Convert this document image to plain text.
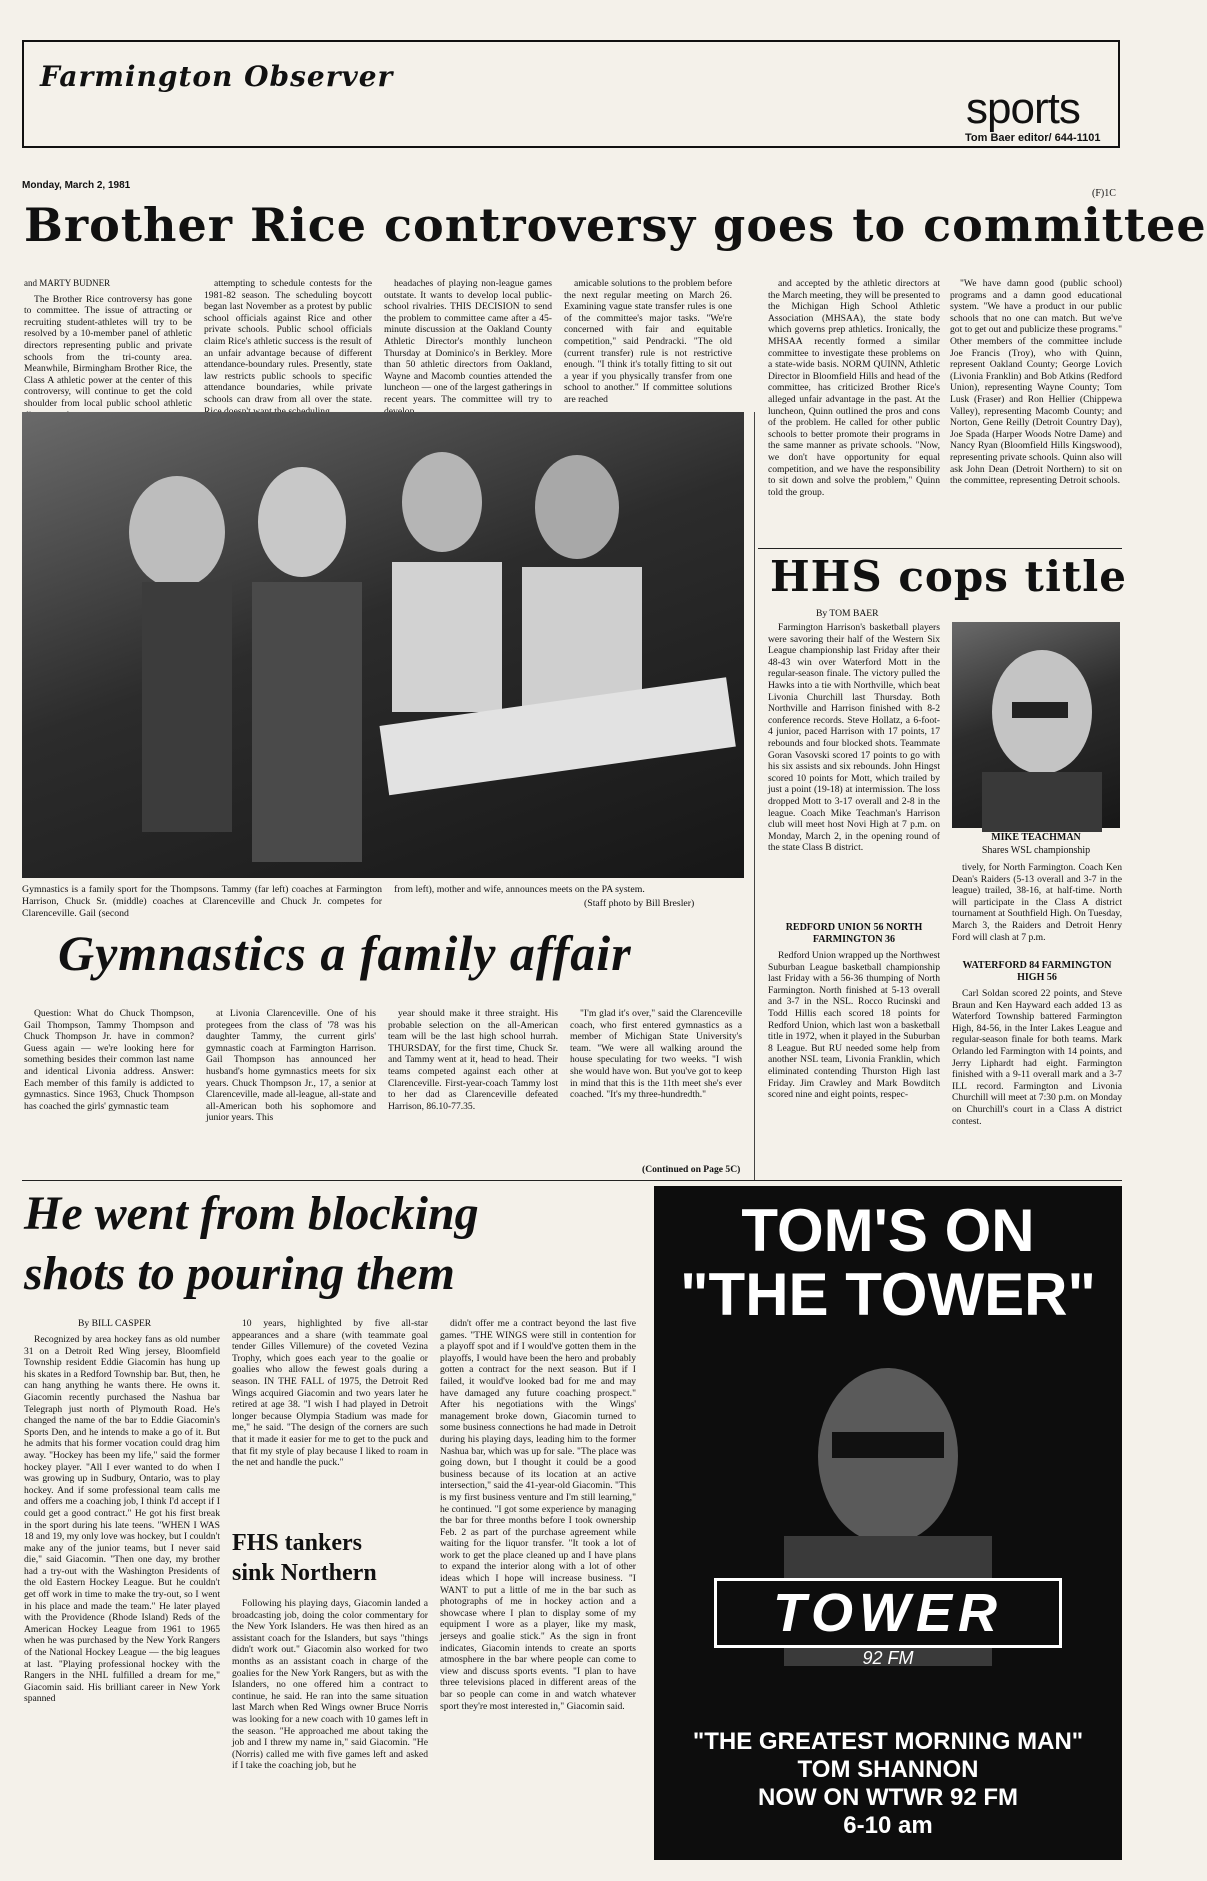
Farmington Observer
sports
Tom Baer editor/ 644-1101
Monday, March 2, 1981
(F)1C
Brother Rice controversy goes to committee

and MARTY BUDNER

The Brother Rice controversy has gone to committee. The issue of attracting or recruiting student-athletes will try to be resolved by a 10-member panel of athletic directors representing public and private schools from the tri-county area. Meanwhile, Birmingham Brother Rice, the Class A athletic power at the center of this controversy, will continue to get the cold shoulder from local public school athletic

attempting to schedule contests for the 1981-82 season. The scheduling boycott began last November as a protest by public school officials against Rice and other private schools. Public school officials claim Rice's athletic success is the result of an unfair advantage because of different attendance-boundary rules. Presently, state law restricts public schools to specific attendance boundaries, while private schools can draw from all over the state.

headaches of playing non-league games outstate. It wants to develop local public-school rivalries. THIS DECISION to send the problem to committee came after a 45-minute discussion at the Oakland County Athletic Director's monthly luncheon Thursday at Dominico's in Berkley. More than 50 athletic directors from Oakland, Wayne and Macomb counties attended the luncheon — one of the largest gatherings in recent years. The committee will try to

amicable solutions to the problem before the next regular meeting on March 26. Examining vague state transfer rules is one of the committee's major tasks. "We're concerned with fair and equitable competition," said Pendracki. "The old (current transfer) rule is not restrictive enough. "I think it's totally fitting to sit out a year if you physically transfer from one school to another." If committee solutions are reached

and accepted by the athletic directors at the March meeting, they will be presented to the Michigan High School Athletic Association (MHSAA), the state body which governs prep athletics. Ironically, the MHSAA recently formed a similar committee to investigate these problems on a state-wide basis. NORM QUINN, Athletic Director in Bloomfield Hills and head of the committee, has criticized Brother Rice's alleged unfair advantage in the past. At the luncheon, Quinn outlined the pros and cons of the problem. He called for other public schools to better promote their programs in the same manner as private schools. "Now, we don't have opportunity for equal competition, and we have the responsibility to sit down and solve the problem," Quinn told the group.

"We have damn good (public school) programs and a damn good educational system. "We have a product in our public schools that no one can match. But we've got to get out and publicize these programs." Other members of the committee include Joe Francis (Troy), who with Quinn, represent Oakland County; George Lovich (Livonia Franklin) and Bob Atkins (Redford Union), representing Wayne County; Tom Lusk (Fraser) and Ron Hellier (Chippewa Valley), representing Macomb County; and Norton, Gene Reilly (Detroit Country Day), Joe Spada (Harper Woods Notre Dame) and Nancy Ryan (Bloomfield Hills Kingswood), representing private schools. Quinn also will ask John Dean (Detroit Northern) to sit on the committee, representing Detroit schools.

Gymnastics is a family sport for the Thompsons. Tammy (far left) coaches at Farmington Harrison, Chuck Sr. (middle) coaches at Clarenceville and Chuck Jr. competes for Clarenceville. Gail (second
from left), mother and wife, announces meets on the PA system.
(Staff photo by Bill Bresler)
Gymnastics a family affair

Question: What do Chuck Thompson, Gail Thompson, Tammy Thompson and Chuck Thompson Jr. have in common? Guess again — we're looking here for something besides their common last name and identical Livonia address. Answer: Each member of this family is addicted to gymnastics. Since 1963, Chuck Thompson has coached the girls' gymnastic team

at Livonia Clarenceville. One of his protegees from the class of '78 was his daughter Tammy, the current girls' gymnastic coach at Farmington Harrison. Gail Thompson has announced her husband's home gymnastics meets for six years. Chuck Thompson Jr., 17, a senior at Clarenceville, made all-league, all-state and all-American both his sophomore and junior years. This

year should make it three straight. His probable selection on the all-American team will be the last high school hurrah. THURSDAY, for the first time, Chuck Sr. and Tammy went at it, head to head. Their teams competed against each other at Clarenceville. First-year-coach Tammy lost to her dad as Clarenceville defeated Harrison, 86.10-77.35.

"I'm glad it's over," said the Clarenceville coach, who first entered gymnastics as a member of Michigan State University's team. "We were all walking around the house speculating for two weeks. "I wish she would have won. But you've got to keep in mind that this is the 11th meet she's ever coached. "It's my three-hundredth."

(Continued on Page 5C)
HHS cops title
By TOM BAER

Farmington Harrison's basketball players were savoring their half of the Western Six League championship last Friday after their 48-43 win over Waterford Mott in the regular-season finale. The victory pulled the Hawks into a tie with Northville, which beat Livonia Churchill last Thursday. Both Northville and Harrison finished with 8-2 conference records. Steve Hollatz, a 6-foot-4 junior, paced Harrison with 17 points, 17 rebounds and four blocked shots. Teammate Goran Vasovski scored 17 points to go with his six assists and six rebounds. John Hingst scored 10 points for Mott, which trailed by just a point (19-18) at intermission. The loss dropped Mott to 3-17 overall and 2-8 in the league. Coach Mike Teachman's Harrison club will meet host Novi High at 7 p.m. on Monday, March 2, in the opening round of the state Class B district.

MIKE TEACHMAN
Shares WSL championship
REDFORD UNION 56 NORTH FARMINGTON 36

Redford Union wrapped up the Northwest Suburban League basketball championship last Friday with a 56-36 thumping of North Farmington. North finished at 5-13 overall and 3-7 in the NSL. Rocco Rucinski and Todd Hillis each scored 18 points for Redford Union, which last won a basketball title in 1972, when it played in the Suburban 8 League. But RU needed some help from another NSL team, Livonia Franklin, which eliminated contending Thurston High last Friday. Jim Crawley and Mark Bowditch scored nine and eight points, respec-

tively, for North Farmington. Coach Ken Dean's Raiders (5-13 overall and 3-7 in the league) trailed, 38-16, at half-time. North will participate in the Class A district tournament at Southfield High. On Tuesday, March 3, the Raiders and Detroit Henry Ford will clash at 7 p.m.

WATERFORD 84 FARMINGTON HIGH 56

Carl Soldan scored 22 points, and Steve Braun and Ken Hayward each added 13 as Waterford Township battered Farmington High, 84-56, in the Inter Lakes League and regular-season finale for both teams. Mark Orlando led Farmington with 14 points, and Jerry Liphardt had eight. Farmington finished with a 9-11 overall mark and a 3-7 ILL record. Farmington and Livonia Churchill will meet at 7:30 p.m. on Monday on Churchill's court in a Class A district contest.

He went from blocking
shots to pouring them
By BILL CASPER

Recognized by area hockey fans as old number 31 on a Detroit Red Wing jersey, Bloomfield Township resident Eddie Giacomin has hung up his skates in a Redford Township bar. But, then, he can hang anything he wants there. He owns it. Giacomin recently purchased the Nashua bar Telegraph just north of Plymouth Road. He's changed the name of the bar to Eddie Giacomin's Sports Den, and he intends to make a go of it. But he admits that his former vocation could drag him away. "Hockey has been my life," said the former hockey player. "All I ever wanted to do when I was growing up in Sudbury, Ontario, was to play hockey. And if some professional team calls me and offers me a coaching job, I think I'd accept if I could get a good contract." He got his first break in the sport during his late teens. "WHEN I WAS 18 and 19, my only love was hockey, but I couldn't make any of the junior teams, but I never said die," said Giacomin. "Then one day, my brother had a try-out with the Washington Presidents of the old Eastern Hockey League. But he couldn't get off work in time to make the try-out, so I went in his place and made the team." He later played with the Providence (Rhode Island) Reds of the American Hockey League from 1961 to 1965 when he was purchased by the New York Rangers of the National Hockey League — the big leagues at last. "Playing professional hockey with the Rangers in the NHL fulfilled a dream for me," Giacomin said. His brilliant career in New York spanned

10 years, highlighted by five all-star appearances and a share (with teammate goal tender Gilles Villemure) of the coveted Vezina Trophy, which goes each year to the goalie or goalies who allow the fewest goals during a season. IN THE FALL of 1975, the Detroit Red Wings acquired Giacomin and two years later he retired at age 38. "I wish I had played in Detroit longer because Olympia Stadium was made for me," he said. "The design of the corners are such that it made it easier for me to get to the puck and that fit my style of play because I liked to roam in the net and handle the puck."

FHS tankers sink Northern

Following his playing days, Giacomin landed a broadcasting job, doing the color commentary for the New York Islanders. He was then hired as an assistant coach for the Islanders, but says "things didn't work out." Giacomin also worked for two months as an assistant coach in charge of the goalies for the New York Rangers, but as with the Islanders, no one offered him a contract to continue, he said. He ran into the same situation last March when Red Wings owner Bruce Norris was looking for a new coach with 10 games left in the season. "He approached me about taking the job and I threw my name in," said Giacomin. "He (Norris) called me with five games left and asked if I take the coaching job, but he

didn't offer me a contract beyond the last five games. "THE WINGS were still in contention for a playoff spot and if I would've gotten them in the playoffs, I would have been the hero and probably gotten a contract for the next season. But if I failed, it would've looked bad for me and may have damaged any future coaching prospect." After his negotiations with the Wings' management broke down, Giacomin turned to some business connections he had made in Detroit during his playing days, leading him to the former Nashua bar, which was up for sale. "The place was going down, but I thought it could be a good business because of its location at an active intersection," said the 41-year-old Giacomin. "This is my first business venture and I'm still learning," he continued. "I got some experience by managing the bar for three months before I took ownership Feb. 2 as part of the purchase agreement while waiting for the liquor transfer. "It took a lot of work to get the place cleaned up and I have plans to expand the interior along with a lot of other ideas which I hope will increase business. "I WANT to put a little of me in the bar such as photographs of me in hockey action and a showcase where I plan to display some of my equipment I wore as a player, like my mask, jerseys and goalie stick." As the sign in front indicates, Giacomin intends to create an sports atmosphere in the bar where people can come to view and discuss sports events. "I plan to have three televisions placed in different areas of the bar so people can come in and watch whatever sport they're most interested in," Giacomin said.

TOM'S ON
"THE TOWER"
TOWER
92 FM
"THE GREATEST MORNING MAN"
TOM SHANNON
NOW ON WTWR 92 FM
6-10 am
